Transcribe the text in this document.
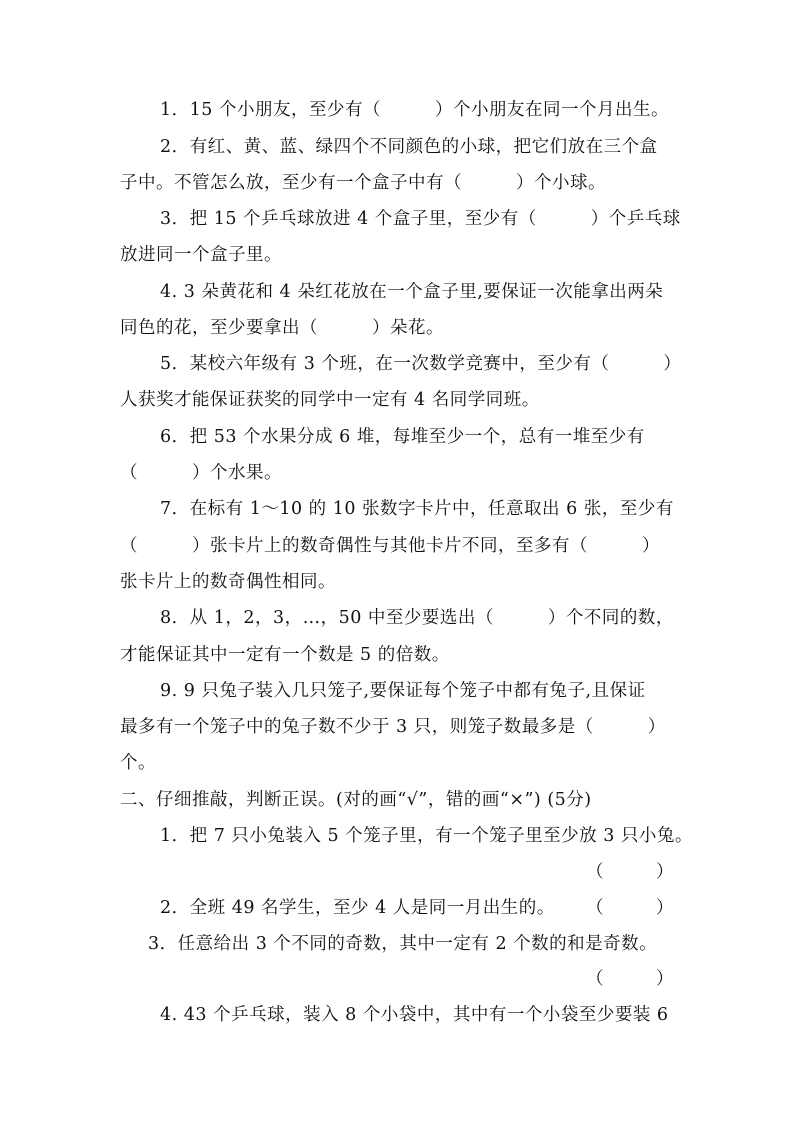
1．15 个小朋友，至少有（　　　）个小朋友在同一个月出生。
2．有红、黄、蓝、绿四个不同颜色的小球，把它们放在三个盒
子中。不管怎么放，至少有一个盒子中有（　　　）个小球。
3．把 15 个乒乓球放进 4 个盒子里，至少有（　　　）个乒乓球
放进同一个盒子里。
4. 3 朵黄花和 4 朵红花放在一个盒子里,要保证一次能拿出两朵
同色的花，至少要拿出（　　　）朵花。
5．某校六年级有 3 个班，在一次数学竞赛中，至少有（　　　）
人获奖才能保证获奖的同学中一定有 4 名同学同班。
6．把 53 个水果分成 6 堆，每堆至少一个，总有一堆至少有
（　　　）个水果。
7．在标有 1～10 的 10 张数字卡片中，任意取出 6 张，至少有
（　　　）张卡片上的数奇偶性与其他卡片不同，至多有（　　　）
张卡片上的数奇偶性相同。
8．从 1，2，3，…，50 中至少要选出（　　　）个不同的数，
才能保证其中一定有一个数是 5 的倍数。
9. 9 只兔子装入几只笼子,要保证每个笼子中都有兔子,且保证
最多有一个笼子中的兔子数不少于 3 只，则笼子数最多是（　　　）
个。
二、仔细推敲，判断正误。(对的画“√”，错的画“×”) (5分)
1．把 7 只小兔装入 5 个笼子里，有一个笼子里至少放 3 只小兔。
（　　　）
2．全班 49 名学生，至少 4 人是同一月出生的。	（　　　）
3．任意给出 3 个不同的奇数，其中一定有 2 个数的和是奇数。
（　　　）
4. 43 个乒乓球，装入 8 个小袋中，其中有一个小袋至少要装 6
